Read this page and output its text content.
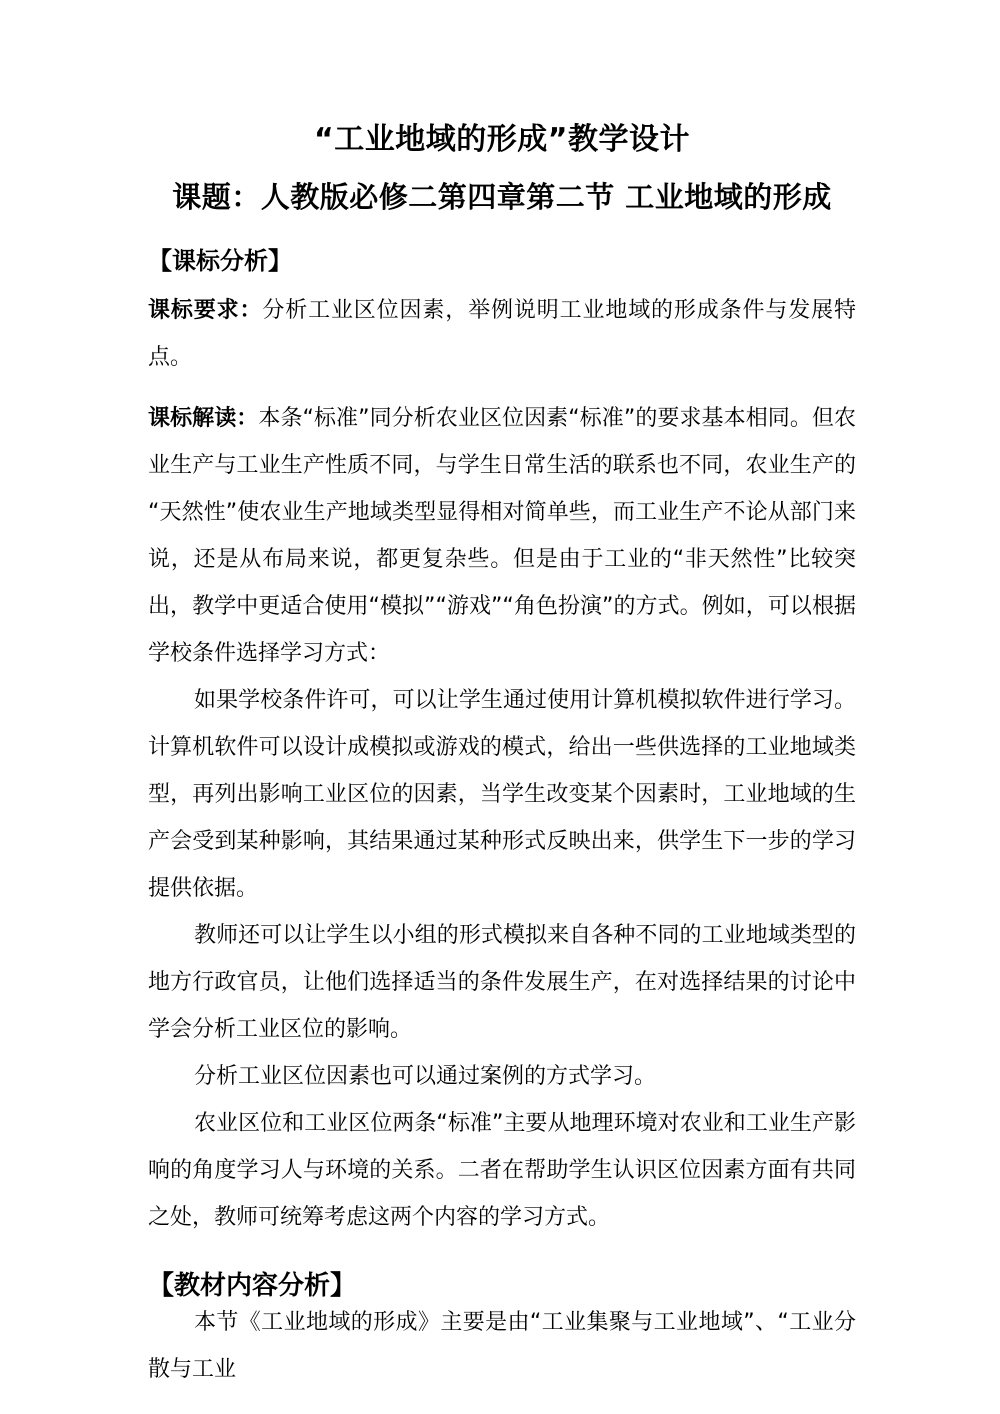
“工业地域的形成”教学设计
课题：人教版必修二第四章第二节 工业地域的形成
【课标分析】

课标要求：分析工业区位因素，举例说明工业地域的形成条件与发展特点。

课标解读：本条“标准”同分析农业区位因素“标准”的要求基本相同。但农业生产与工业生产性质不同，与学生日常生活的联系也不同，农业生产的“天然性”使农业生产地域类型显得相对简单些，而工业生产不论从部门来说，还是从布局来说，都更复杂些。但是由于工业的“非天然性”比较突出，教学中更适合使用“模拟”“游戏”“角色扮演”的方式。例如，可以根据学校条件选择学习方式：

如果学校条件许可，可以让学生通过使用计算机模拟软件进行学习。计算机软件可以设计成模拟或游戏的模式，给出一些供选择的工业地域类型，再列出影响工业区位的因素，当学生改变某个因素时，工业地域的生产会受到某种影响，其结果通过某种形式反映出来，供学生下一步的学习提供依据。

教师还可以让学生以小组的形式模拟来自各种不同的工业地域类型的地方行政官员，让他们选择适当的条件发展生产，在对选择结果的讨论中学会分析工业区位的影响。

分析工业区位因素也可以通过案例的方式学习。

农业区位和工业区位两条“标准”主要从地理环境对农业和工业生产影响的角度学习人与环境的关系。二者在帮助学生认识区位因素方面有共同之处，教师可统筹考虑这两个内容的学习方式。

【教材内容分析】

本节《工业地域的形成》主要是由“工业集聚与工业地域”、“工业分散与工业
